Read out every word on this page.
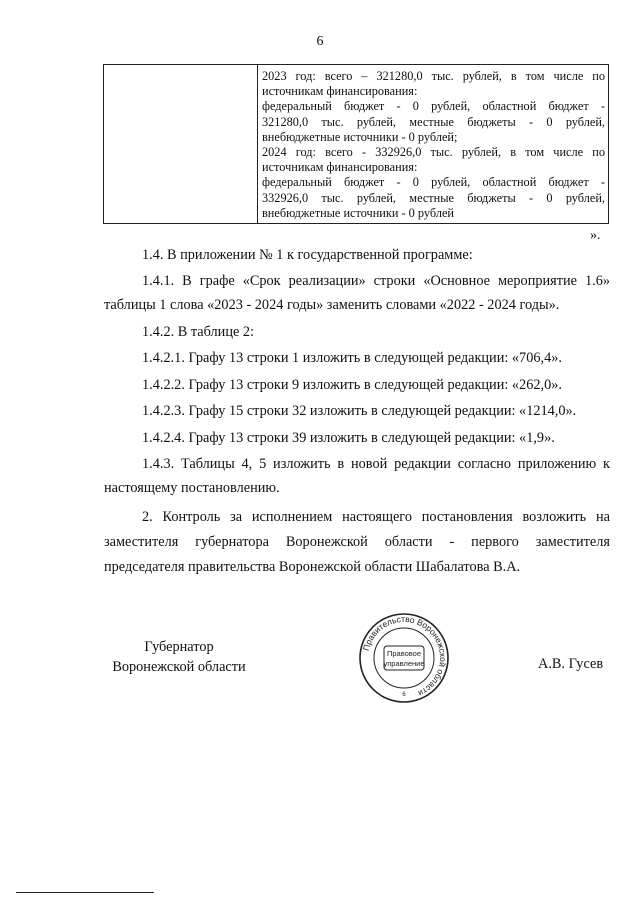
6
2023 год: всего – 321280,0 тыс. рублей, в том числе по
источникам финансирования:
федеральный бюджет - 0 рублей, областной бюджет -
321280,0 тыс. рублей, местные бюджеты - 0 рублей,
внебюджетные источники - 0 рублей;
2024 год: всего - 332926,0 тыс. рублей, в том числе по
источникам финансирования:
федеральный бюджет - 0 рублей, областной бюджет -
332926,0 тыс. рублей, местные бюджеты - 0 рублей,
внебюджетные источники - 0 рублей
».
1.4. В приложении № 1 к государственной программе:
1.4.1. В графе «Срок реализации» строки «Основное мероприятие 1.6»
таблицы 1 слова «2023 - 2024 годы» заменить словами «2022 - 2024 годы».
1.4.2. В таблице 2:
1.4.2.1. Графу 13 строки 1 изложить в следующей редакции: «706,4».
1.4.2.2. Графу 13 строки 9 изложить в следующей редакции: «262,0».
1.4.2.3. Графу 15 строки 32 изложить в следующей редакции: «1214,0».
1.4.2.4. Графу 13 строки 39 изложить в следующей редакции: «1,9».
1.4.3. Таблицы 4, 5 изложить в новой редакции согласно приложению к
настоящему постановлению.
2. Контроль за исполнением настоящего постановления возложить на
заместителя губернатора Воронежской области - первого заместителя
председателя правительства Воронежской области Шабалатова В.А.
Губернатор
Воронежской области
Правительство Воронежской области
Правовое
управление
6
А.В. Гусев
